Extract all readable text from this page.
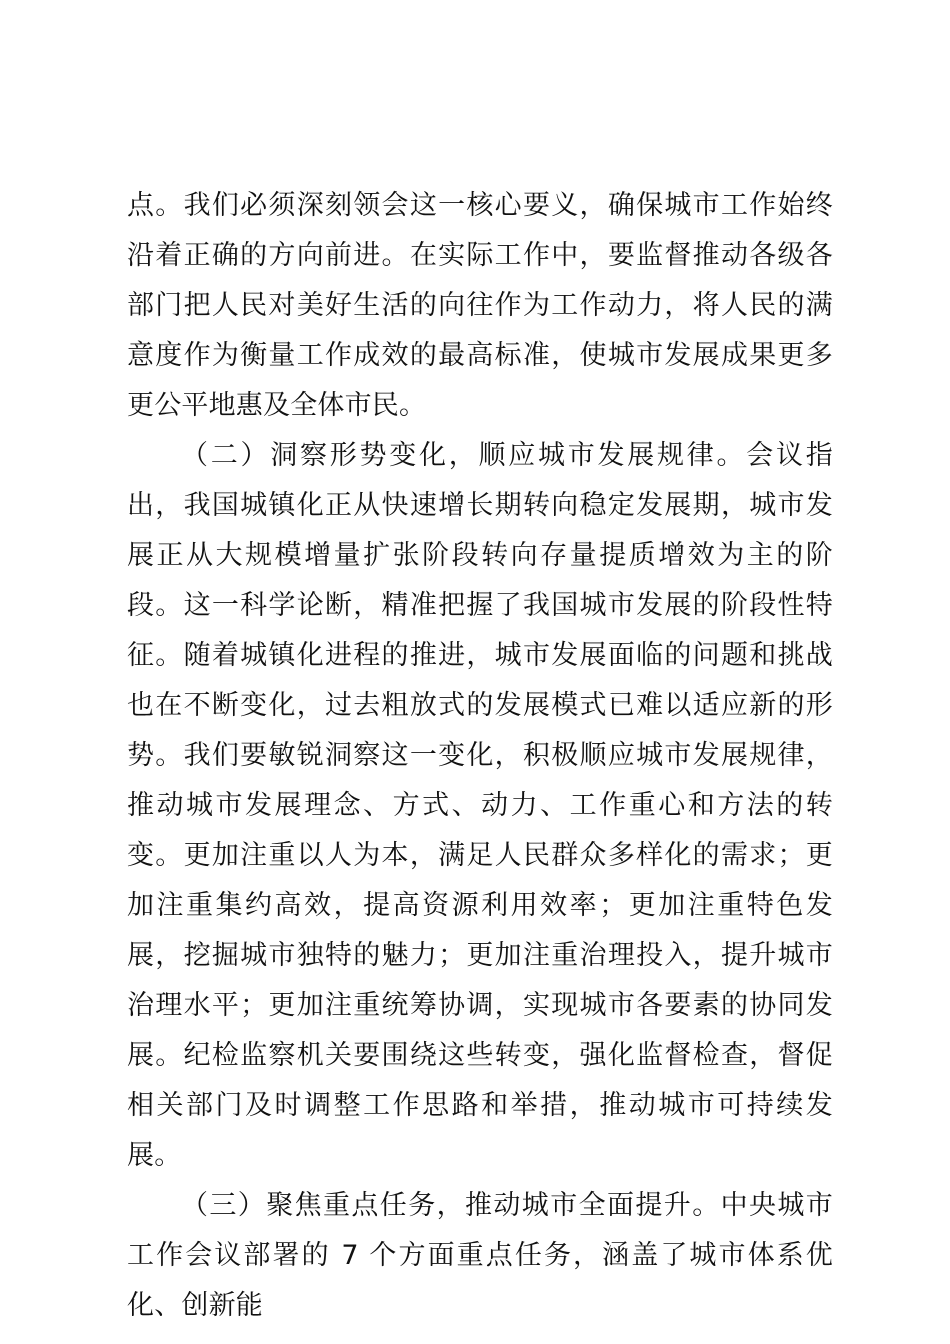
点。我们必须深刻领会这一核心要义，确保城市工作始终沿着正确的方向前进。在实际工作中，要监督推动各级各部门把人民对美好生活的向往作为工作动力，将人民的满意度作为衡量工作成效的最高标准，使城市发展成果更多更公平地惠及全体市民。

（二）洞察形势变化，顺应城市发展规律。会议指出，我国城镇化正从快速增长期转向稳定发展期，城市发展正从大规模增量扩张阶段转向存量提质增效为主的阶段。这一科学论断，精准把握了我国城市发展的阶段性特征。随着城镇化进程的推进，城市发展面临的问题和挑战也在不断变化，过去粗放式的发展模式已难以适应新的形势。我们要敏锐洞察这一变化，积极顺应城市发展规律，推动城市发展理念、方式、动力、工作重心和方法的转变。更加注重以人为本，满足人民群众多样化的需求；更加注重集约高效，提高资源利用效率；更加注重特色发展，挖掘城市独特的魅力；更加注重治理投入，提升城市治理水平；更加注重统筹协调，实现城市各要素的协同发展。纪检监察机关要围绕这些转变，强化监督检查，督促相关部门及时调整工作思路和举措，推动城市可持续发展。

（三）聚焦重点任务，推动城市全面提升。中央城市工作会议部署的 7 个方面重点任务，涵盖了城市体系优化、创新能
